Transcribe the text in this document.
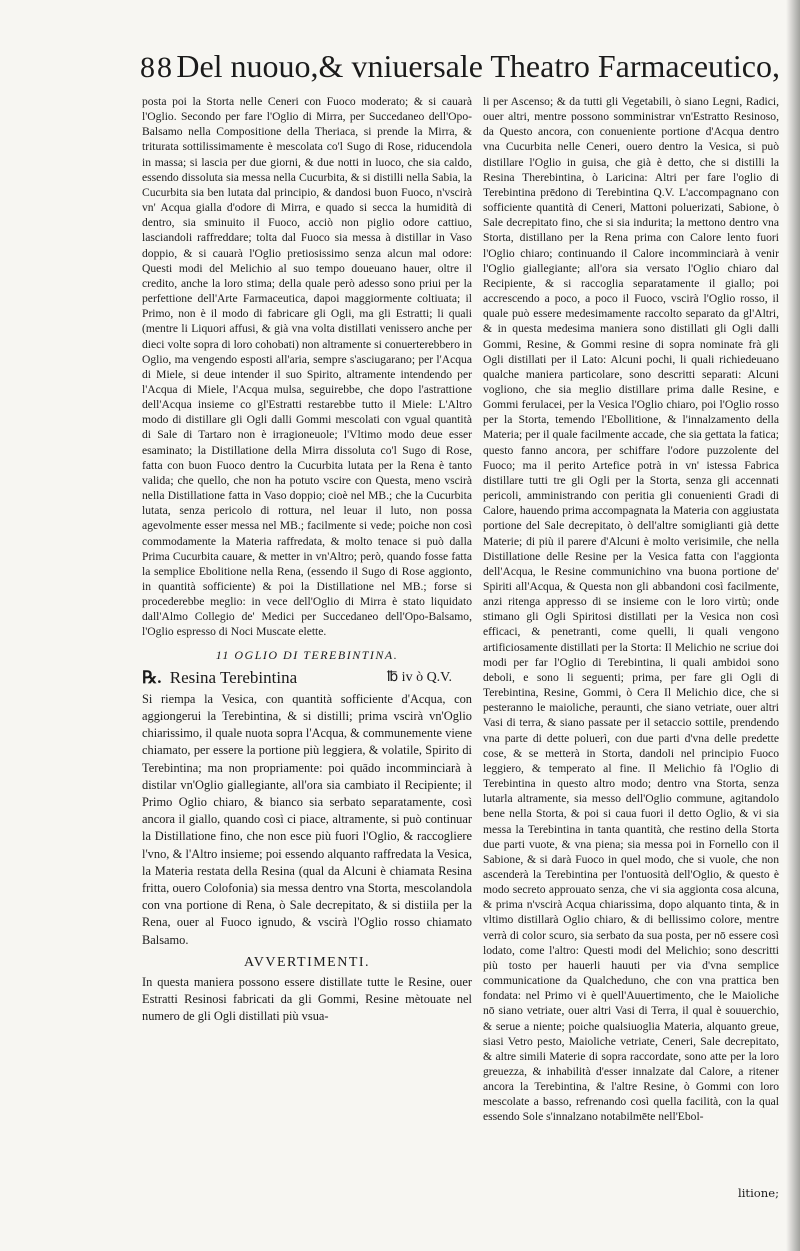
88 Del nuouo,& vniuersale Theatro Farmaceutico,

posta poi la Storta nelle Ceneri con Fuoco moderato; & si cauarà l'Oglio. Secondo per fare l'Oglio di Mirra, per Succedaneo dell'Opo-Balsamo nella Compositione della Theriaca, si prende la Mirra, & triturata sottilissimamente è mescolata co'l Sugo di Rose, riducendola in massa; si lascia per due giorni, & due notti in luoco, che sia caldo, essendo dissoluta sia messa nella Cucurbita, & si distilli nella Sabia, la Cucurbita sia ben lutata dal principio, & dandosi buon Fuoco, n'vscirà vn' Acqua gialla d'odore di Mirra, e quado si secca la humidità di dentro, sia sminuito il Fuoco, acciò non piglio odore cattiuo, lasciandoli raffreddare; tolta dal Fuoco sia messa à distillar in Vaso doppio, & si cauarà l'Oglio pretiosissimo senza alcun mal odore: Questi modi del Melichio al suo tempo doueuano hauer, oltre il credito, anche la loro stima; della quale però adesso sono priui per la perfettione dell'Arte Farmaceutica, dapoi maggiormente coltiuata; il Primo, non è il modo di fabricare gli Ogli, ma gli Estratti; li quali (mentre li Liquori affusi, & già vna volta distillati venissero anche per dieci volte sopra di loro cohobati) non altramente si conuerterebbero in Oglio, ma vengendo esposti all'aria, sempre s'asciugarano; per l'Acqua di Miele, si deue intender il suo Spirito, altramente intendendo per l'Acqua di Miele, l'Acqua mulsa, seguirebbe, che dopo l'astrattione dell'Acqua insieme co gl'Estratti restarebbe tutto il Miele: L'Altro modo di distillare gli Ogli dalli Gommi mescolati con vgual quantità di Sale di Tartaro non è irragioneuole; l'Vltimo modo deue esser esaminato; la Distillatione della Mirra dissoluta co'l Sugo di Rose, fatta con buon Fuoco dentro la Cucurbita lutata per la Rena è tanto valida; che quello, che non ha potuto vscire con Questa, meno vscirà nella Distillatione fatta in Vaso doppio; cioè nel MB.; che la Cucurbita lutata, senza pericolo di rottura, nel leuar il luto, non possa agevolmente esser messa nel MB.; facilmente si vede; poiche non così commodamente la Materia raffredata, & molto tenace si può dalla Prima Cucurbita cauare, & metter in vn'Altro; però, quando fosse fatta la semplice Ebolitione nella Rena, (essendo il Sugo di Rose aggionto, in quantità sofficiente) & poi la Distillatione nel MB.; forse si procederebbe meglio: in vece dell'Oglio di Mirra è stato liquidato dall'Almo Collegio de' Medici per Succedaneo dell'Opo-Balsamo, l'Oglio espresso di Noci Muscate elette.

11 OGLIO DI TEREBINTINA.
℞. Resina Terebintina	℔ iv ò Q.V.

Si riempa la Vesica, con quantità sofficiente d'Acqua, con aggiongerui la Terebintina, & si distilli; prima vscirà vn'Oglio chiarissimo, il quale nuota sopra l'Acqua, & communemente viene chiamato, per essere la portione più leggiera, & volatile, Spirito di Terebintina; ma non propriamente: poi quādo incomminciarà à distilar vn'Oglio giallegiante, all'ora sia cambiato il Recipiente; il Primo Oglio chiaro, & bianco sia serbato separatamente, così ancora il giallo, quando così ci piace, altramente, si può continuar la Distillatione fino, che non esce più fuori l'Oglio, & raccogliere l'vno, & l'Altro insieme; poi essendo alquanto raffredata la Vesica, la Materia restata della Resina (qual da Alcuni è chiamata Resina fritta, ouero Colofonia) sia messa dentro vna Storta, mescolandola con vna portione di Rena, ò Sale decrepitato, & si distiila per la Rena, ouer al Fuoco ignudo, & vscirà l'Oglio rosso chiamato Balsamo.

AVVERTIMENTI.

In questa maniera possono essere distillate tutte le Resine, ouer Estratti Resinosi fabricati da gli Gommi, Resine mètouate nel numero de gli Ogli distillati più vsua-

li per Ascenso; & da tutti gli Vegetabili, ò siano Legni, Radici, ouer altri, mentre possono somministrar vn'Estratto Resinoso, da Questo ancora, con conueniente portione d'Acqua dentro vna Cucurbita nelle Ceneri, ouero dentro la Vesica, si può distillare l'Oglio in guisa, che già è detto, che si distilli la Resina Therebintina, ò Laricina: Altri per fare l'oglio di Terebintina prēdono di Terebintina Q.V. L'accompagnano con sofficiente quantità di Ceneri, Mattoni poluerizati, Sabione, ò Sale decrepitato fino, che si sia indurita; la mettono dentro vna Storta, distillano per la Rena prima con Calore lento fuori l'Oglio chiaro; continuando il Calore incomminciarà à venir l'Oglio giallegiante; all'ora sia versato l'Oglio chiaro dal Recipiente, & si raccoglia separatamente il giallo; poi accrescendo a poco, a poco il Fuoco, vscirà l'Oglio rosso, il quale può essere medesimamente raccolto separato da gl'Altri, & in questa medesima maniera sono distillati gli Ogli dalli Gommi, Resine, & Gommi resine di sopra nominate frà gli Ogli distillati per il Lato: Alcuni pochi, li quali richiedeuano qualche maniera particolare, sono descritti separati: Alcuni vogliono, che sia meglio distillare prima dalle Resine, e Gommi ferulacei, per la Vesica l'Oglio chiaro, poi l'Oglio rosso per la Storta, temendo l'Ebollitione, & l'innalzamento della Materia; per il quale facilmente accade, che sia gettata la fatica; questo fanno ancora, per schiffare l'odore puzzolente del Fuoco; ma il perito Artefice potrà in vn' istessa Fabrica distillare tutti tre gli Ogli per la Storta, senza gli accennati pericoli, amministrando con peritia gli conuenienti Gradi di Calore, hauendo prima accompagnata la Materia con aggiustata portione del Sale decrepitato, ò dell'altre somiglianti già dette Materie; di più il parere d'Alcuni è molto verisimile, che nella Distillatione delle Resine per la Vesica fatta con l'aggionta dell'Acqua, le Resine communichino vna buona portione de' Spiriti all'Acqua, & Questa non gli abbandoni così facilmente, anzi ritenga appresso di se insieme con le loro virtù; onde stimano gli Ogli Spiritosi distillati per la Vesica non così efficaci, & penetranti, come quelli, li quali vengono artificiosamente distillati per la Storta: Il Melichio ne scriue doi modi per far l'Oglio di Terebintina, li quali ambidoi sono deboli, e sono li seguenti; prima, per fare gli Ogli di Terebintina, Resine, Gommi, ò Cera Il Melichio dice, che si pesteranno le maioliche, peraunti, che siano vetriate, ouer altri Vasi di terra, & siano passate per il setaccio sottile, prendendo vna parte di dette poluerì, con due parti d'vna delle predette cose, & se metterà in Storta, dandoli nel principio Fuoco leggiero, & temperato al fine. Il Melichio fà l'Oglio di Terebintina in questo altro modo; dentro vna Storta, senza lutarla altramente, sia messo dell'Oglio commune, agitandolo bene nella Storta, & poi si caua fuori il detto Oglio, & vi sia messa la Terebintina in tanta quantità, che restino della Storta due parti vuote, & vna piena; sia messa poi in Fornello con il Sabione, & si darà Fuoco in quel modo, che si vuole, che non ascenderà la Terebintina per l'ontuosità dell'Oglio, & questo è modo secreto approuato senza, che vi sia aggionta cosa alcuna, & prima n'vscirà Acqua chiarissima, dopo alquanto tinta, & in vltimo distillarà Oglio chiaro, & di bellissimo colore, mentre verrà di color scuro, sia serbato da sua posta, per nō essere così lodato, come l'altro: Questi modi del Melichio; sono descritti più tosto per hauerli hauuti per via d'vna semplice communicatione da Qualcheduno, che con vna prattica ben fondata: nel Primo vi è quell'Auuertimento, che le Maioliche nō siano vetriate, ouer altri Vasi di Terra, il qual è souuerchio, & serue a niente; poiche qualsiuoglia Materia, alquanto greue, siasi Vetro pesto, Maioliche vetriate, Ceneri, Sale decrepitato, & altre simili Materie di sopra raccordate, sono atte per la loro greuezza, & inhabilità d'esser innalzate dal Calore, a ritener ancora la Terebintina, & l'altre Resine, ò Gommi con loro mescolate a basso, refrenando così quella facilità, con la qual essendo Sole s'innalzano notabilmēte nell'Ebol-

litione;
